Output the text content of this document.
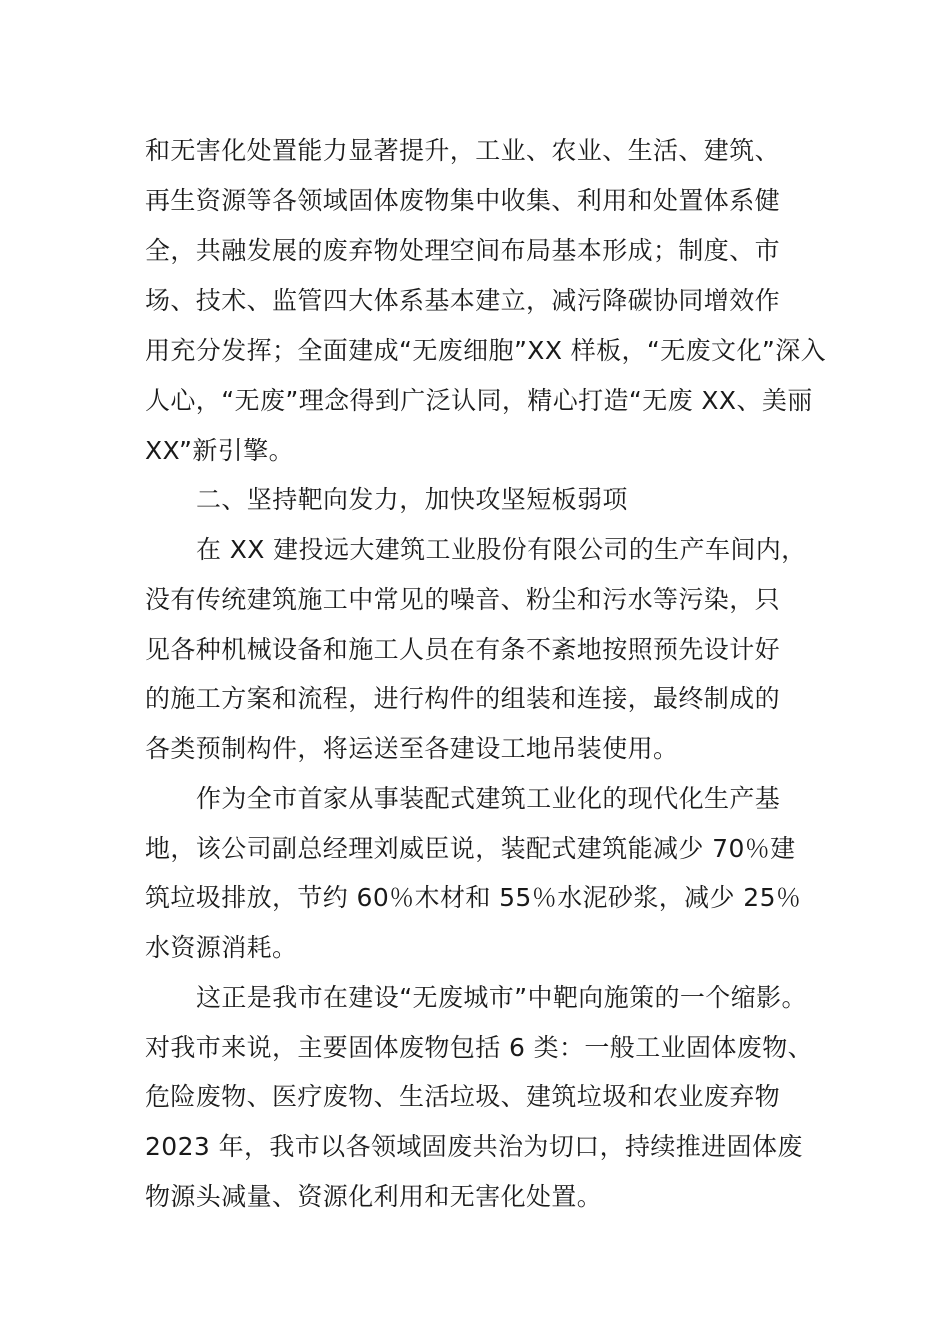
和无害化处置能力显著提升，工业、农业、生活、建筑、
再生资源等各领域固体废物集中收集、利用和处置体系健
全，共融发展的废弃物处理空间布局基本形成；制度、市
场、技术、监管四大体系基本建立，减污降碳协同增效作
用充分发挥；全面建成“无废细胞”XX 样板，“无废文化”深入
人心，“无废”理念得到广泛认同，精心打造“无废 XX、美丽
XX”新引擎。
二、坚持靶向发力，加快攻坚短板弱项
在 XX 建投远大建筑工业股份有限公司的生产车间内，
没有传统建筑施工中常见的噪音、粉尘和污水等污染，只
见各种机械设备和施工人员在有条不紊地按照预先设计好
的施工方案和流程，进行构件的组装和连接，最终制成的
各类预制构件，将运送至各建设工地吊装使用。
作为全市首家从事装配式建筑工业化的现代化生产基
地，该公司副总经理刘威臣说，装配式建筑能减少 70％建
筑垃圾排放，节约 60％木材和 55％水泥砂浆，减少 25％
水资源消耗。
这正是我市在建设“无废城市”中靶向施策的一个缩影。
对我市来说，主要固体废物包括 6 类：一般工业固体废物、
危险废物、医疗废物、生活垃圾、建筑垃圾和农业废弃物
2023 年，我市以各领域固废共治为切口，持续推进固体废
物源头减量、资源化利用和无害化处置。
